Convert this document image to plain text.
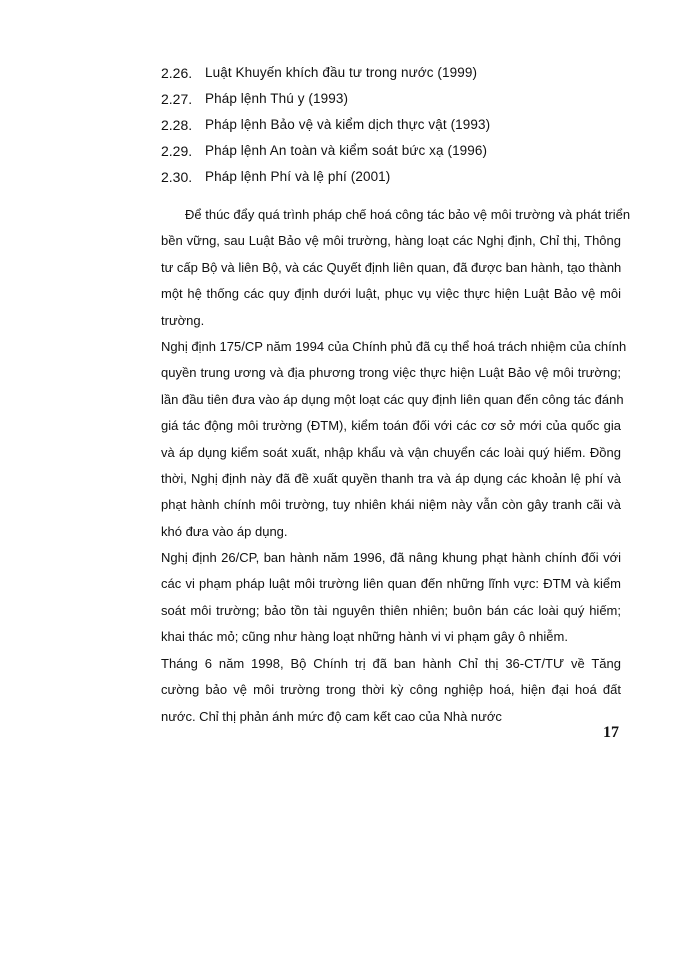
2.26. Luật Khuyến khích đầu tư trong nước (1999)
2.27. Pháp lệnh Thú y (1993)
2.28. Pháp lệnh Bảo vệ và kiểm dịch thực vật (1993)
2.29. Pháp lệnh An toàn và kiểm soát bức xạ (1996)
2.30. Pháp lệnh Phí và lệ phí (2001)
Để thúc đẩy quá trình pháp chế hoá công tác bảo vệ môi trường và phát triển
bền vững, sau Luật Bảo vệ môi trường, hàng loạt các Nghị định, Chỉ thị, Thông
tư cấp Bộ và liên Bộ, và các Quyết định liên quan, đã được ban hành, tạo thành
một hệ thống các quy định dưới luật, phục vụ việc thực hiện Luật Bảo vệ môi
trường.
Nghị định 175/CP năm 1994 của Chính phủ đã cụ thể hoá trách nhiệm của chính
quyền trung ương và địa phương trong việc thực hiện Luật Bảo vệ môi trường;
lần đầu tiên đưa vào áp dụng một loạt các quy định liên quan đến công tác đánh
giá tác động môi trường (ĐTM), kiểm toán đối với các cơ sở mới của quốc gia
và áp dụng kiểm soát xuất, nhập khẩu và vận chuyển các loài quý hiếm. Đồng
thời, Nghị định này đã đề xuất quyền thanh tra và áp dụng các khoản lệ phí và
phạt hành chính môi trường, tuy nhiên khái niệm này vẫn còn gây tranh cãi và
khó đưa vào áp dụng.
Nghị định 26/CP, ban hành năm 1996, đã nâng khung phạt hành chính đối với
các vi phạm pháp luật môi trường liên quan đến những lĩnh vực: ĐTM và kiểm
soát môi trường; bảo tồn tài nguyên thiên nhiên; buôn bán các loài quý hiếm;
khai thác mỏ; cũng như hàng loạt những hành vi vi phạm gây ô nhiễm.
Tháng 6 năm 1998, Bộ Chính trị đã ban hành Chỉ thị 36-CT/TƯ về Tăng
cường bảo vệ môi trường trong thời kỳ công nghiệp hoá, hiện đại hoá đất
nước. Chỉ thị phản ánh mức độ cam kết cao của Nhà nước
17
